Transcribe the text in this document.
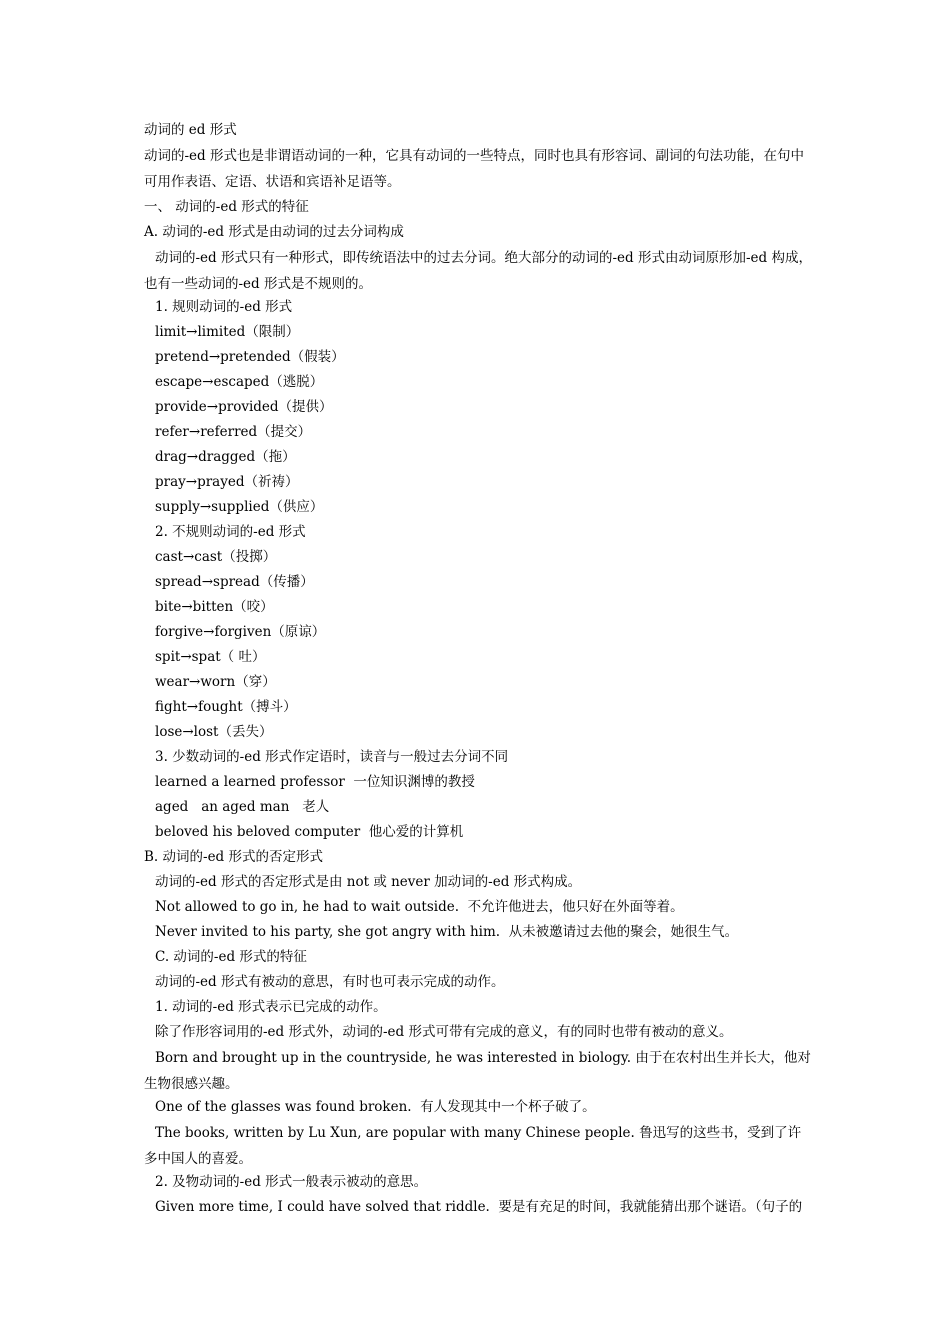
动词的 ed 形式
动词的-ed 形式也是非谓语动词的一种，它具有动词的一些特点，同时也具有形容词、副词的句法功能，在句中可用作表语、定语、状语和宾语补足语等。
一、 动词的-ed 形式的特征
A. 动词的-ed 形式是由动词的过去分词构成
动词的-ed 形式只有一种形式，即传统语法中的过去分词。绝大部分的动词的-ed 形式由动词原形加-ed 构成，也有一些动词的-ed 形式是不规则的。
1. 规则动词的-ed 形式
limit→limited（限制）
pretend→pretended（假装）
escape→escaped（逃脱）
provide→provided（提供）
refer→referred（提交）
drag→dragged（拖）
pray→prayed（祈祷）
supply→supplied（供应）
2. 不规则动词的-ed 形式
cast→cast（投掷）
spread→spread（传播）
bite→bitten（咬）
forgive→forgiven（原谅）
spit→spat（ 吐）
wear→worn（穿）
fight→fought（搏斗）
lose→lost（丢失）
3. 少数动词的-ed 形式作定语时，读音与一般过去分词不同
learned a learned professor  一位知识渊博的教授
aged   an aged man   老人
beloved his beloved computer  他心爱的计算机
B. 动词的-ed 形式的否定形式
动词的-ed 形式的否定形式是由 not 或 never 加动词的-ed 形式构成。
Not allowed to go in, he had to wait outside.  不允许他进去，他只好在外面等着。
Never invited to his party, she got angry with him.  从未被邀请过去他的聚会，她很生气。
C. 动词的-ed 形式的特征
动词的-ed 形式有被动的意思，有时也可表示完成的动作。
1. 动词的-ed 形式表示已完成的动作。
除了作形容词用的-ed 形式外，动词的-ed 形式可带有完成的意义，有的同时也带有被动的意义。
Born and brought up in the countryside, he was interested in biology. 由于在农村出生并长大，他对生物很感兴趣。
One of the glasses was found broken.  有人发现其中一个杯子破了。
The books, written by Lu Xun, are popular with many Chinese people. 鲁迅写的这些书，受到了许多中国人的喜爱。
2. 及物动词的-ed 形式一般表示被动的意思。
Given more time, I could have solved that riddle.  要是有充足的时间，我就能猜出那个谜语。（句子的
